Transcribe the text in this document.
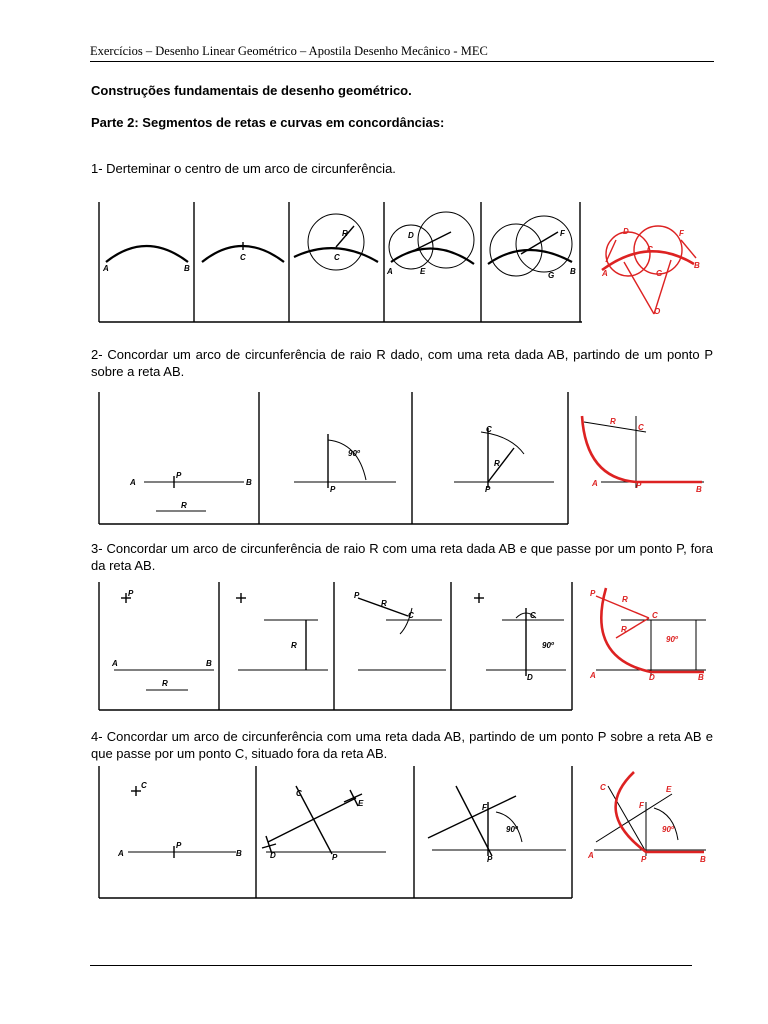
Exercícios – Desenho Linear Geométrico – Apostila Desenho Mecânico - MEC
Construções fundamentais de desenho geométrico.
Parte 2: Segmentos de retas e curvas em concordâncias:
1- Derteminar o centro de um arco de circunferência.
2- Concordar um arco de circunferência de raio R dado, com uma reta dada AB, partindo de um ponto P sobre a reta AB.
3- Concordar um arco de circunferência de raio R com uma reta dada AB e que passe por um ponto P, fora da reta AB.
4- Concordar um arco de circunferência com uma reta dada AB, partindo de um ponto P sobre a reta AB e que passe por um ponto C, situado fora da reta AB.
A	B
C	C
R
A
D
E
F
B
G	A
D	F
C
G
B
O
A	B
P
R
P
90º
C
R
P
A	P	B
C
R
P
A	B
R
R
P
R
C	C
90º
D
P
R
C
R
90º
A	D	B
C
A	B
P
C
E
D	P
F
90º
P
C	E
F
90º
A	P	B
